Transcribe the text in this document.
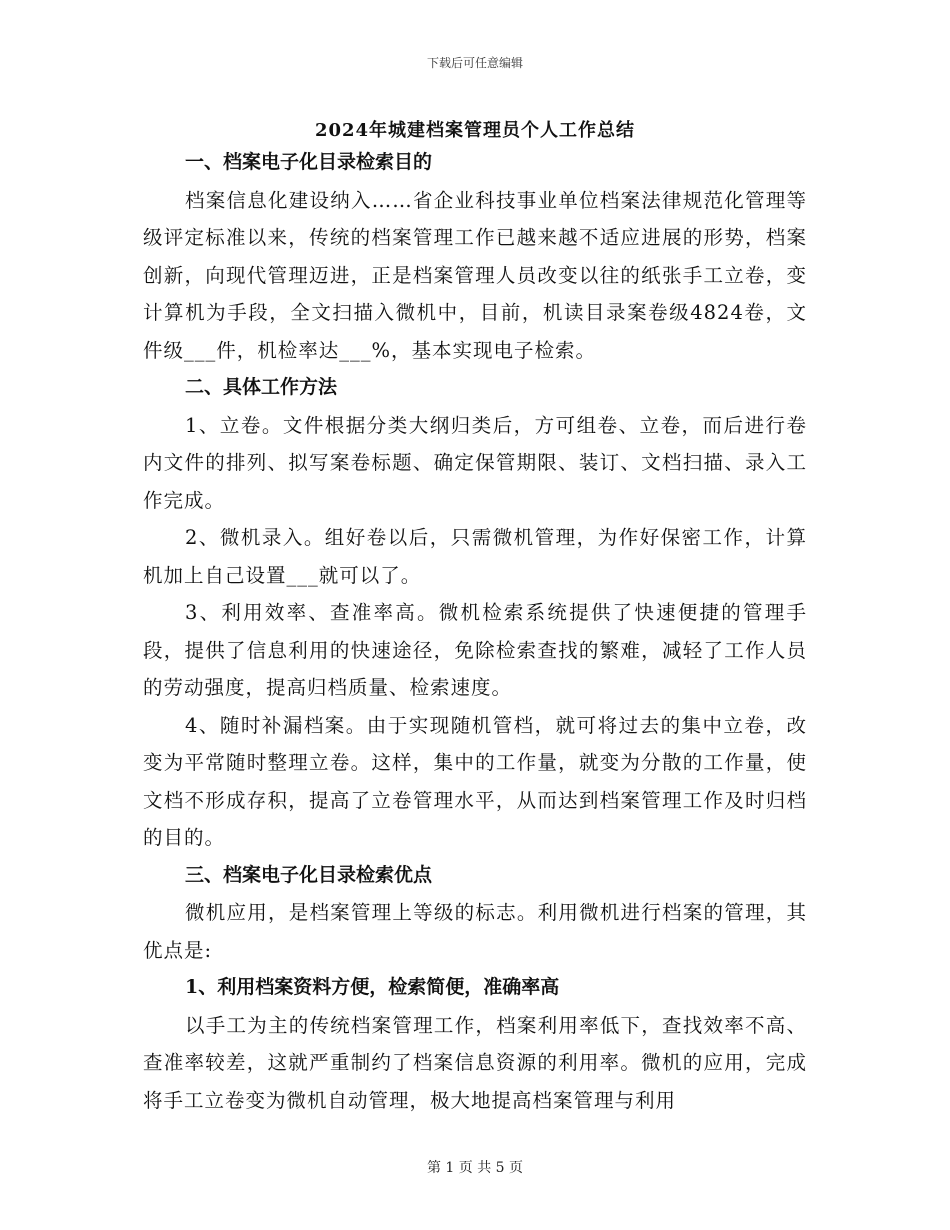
下载后可任意编辑
2024年城建档案管理员个人工作总结
一、档案电子化目录检索目的
档案信息化建设纳入……省企业科技事业单位档案法律规范化管理等级评定标准以来，传统的档案管理工作已越来越不适应进展的形势，档案创新，向现代管理迈进，正是档案管理人员改变以往的纸张手工立卷，变计算机为手段，全文扫描入微机中，目前，机读目录案卷级4824卷，文件级___件，机检率达___%，基本实现电子检索。
二、具体工作方法
1、立卷。文件根据分类大纲归类后，方可组卷、立卷，而后进行卷内文件的排列、拟写案卷标题、确定保管期限、装订、文档扫描、录入工作完成。
2、微机录入。组好卷以后，只需微机管理，为作好保密工作，计算机加上自己设置___就可以了。
3、利用效率、查准率高。微机检索系统提供了快速便捷的管理手段，提供了信息利用的快速途径，免除检索查找的繁难，减轻了工作人员的劳动强度，提高归档质量、检索速度。
4、随时补漏档案。由于实现随机管档，就可将过去的集中立卷，改变为平常随时整理立卷。这样，集中的工作量，就变为分散的工作量，使文档不形成存积，提高了立卷管理水平，从而达到档案管理工作及时归档的目的。
三、档案电子化目录检索优点
微机应用，是档案管理上等级的标志。利用微机进行档案的管理，其优点是:
1、利用档案资料方便，检索简便，准确率高
以手工为主的传统档案管理工作，档案利用率低下，查找效率不高、查准率较差，这就严重制约了档案信息资源的利用率。微机的应用，完成将手工立卷变为微机自动管理，极大地提高档案管理与利用
第 1 页 共 5 页
